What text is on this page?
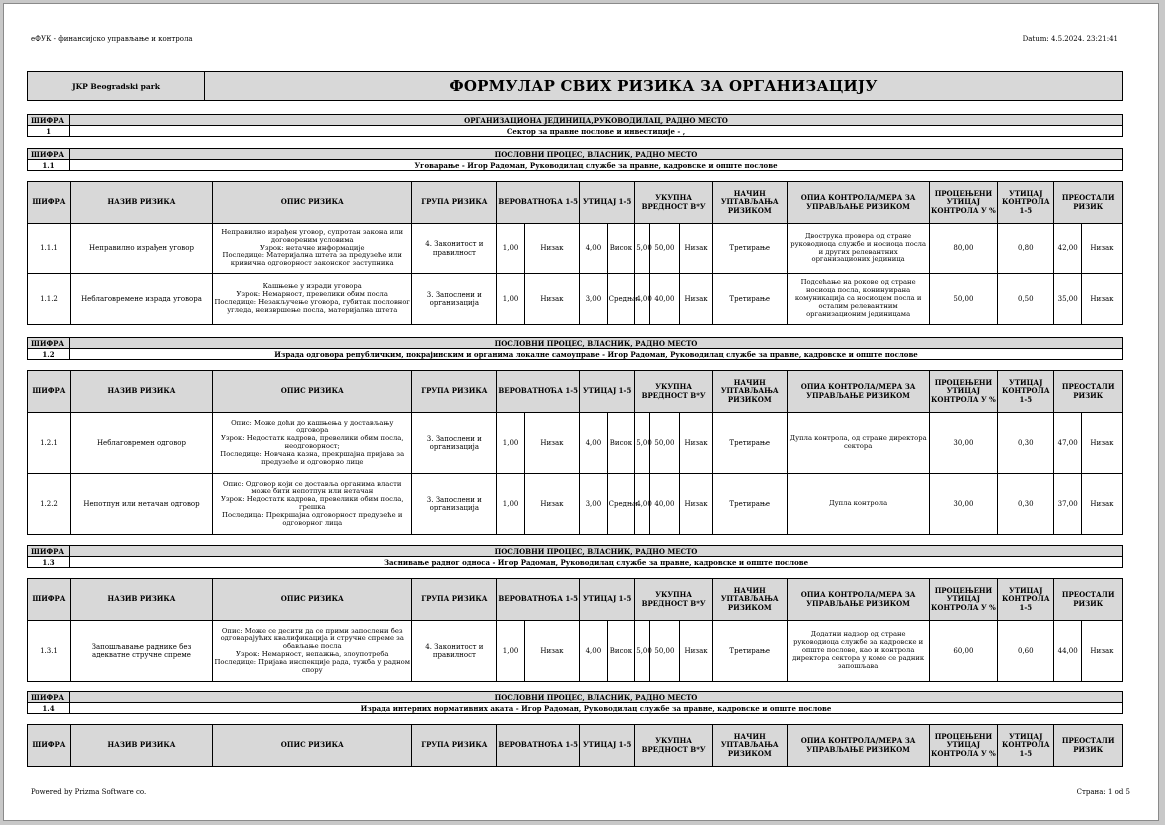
еФУК - финансијско управљање и контрола	Datum: 4.5.2024. 23:21:41
JKP Beogradski park	ФОРМУЛАР СВИХ РИЗИКА ЗА ОРГАНИЗАЦИЈУ
ШИФРА	ОРГАНИЗАЦИОНА ЈЕДИНИЦА,РУКОВОДИЛАЦ, РАДНО МЕСТО
1	Сектор за правне послове и инвестиције - ,
ШИФРА	ПОСЛОВНИ ПРОЦЕС, ВЛАСНИК, РАДНО МЕСТО
1.1	Уговарање - Игор Радоман, Руководилац службе за правне, кадровске и опште послове
ШИФРА	НАЗИВ РИЗИКА	ОПИС РИЗИКА	ГРУПА РИЗИКА	ВЕРОВАТНОЋА 1-5		УТИЦАЈ 1-5		УКУПНА ВРЕДНОСТ В*У			НАЧИН УПТАВЉАЊА РИЗИКОМ	ОПИА КОНТРОЛА/МЕРА ЗА УПРАВЉАЊЕ РИЗИКОМ	ПРОЦЕЊЕНИ УТИЦАЈ КОНТРОЛА У %	УТИЦАЈ КОНТРОЛА 1-5	ПРЕОСТАЛИ РИЗИК	
1.1.1	Неправилно израђен уговор	Неправилно израђен уговор, супротан закона или договореним условима
Узрок: нетачне информације
Последице: Материјална штета за предузеће или кривична одговорност законског заступника	4. Законитост и правилност	1,00	Низак	4,00	Висок	5,00	50,00	Низак	Третирање	Двострука провера од стране руководиоца службе и носиоца посла и других релевантних организационих јединица	80,00	0,80	42,00	Низак
1.1.2	Неблаговремене израда уговора	Кашњење у изради уговора
Узрок: Немарност, превелики обим посла
Последице: Незакључење уговора, губитак пословног угледа, неизвршење посла, материјална штета	3. Запослени и организација	1,00	Низак	3,00	Средњи	4,00	40,00	Низак	Третирање	Подсећање на рокове од стране носиоца посла, конинуирана комуникација са носиоцем посла и осталим релевантним организационим јединицама	50,00	0,50	35,00	Низак
ШИФРА	ПОСЛОВНИ ПРОЦЕС, ВЛАСНИК, РАДНО МЕСТО
1.2	Израда одговора републичким, покрајинским и органима локалне самоуправе - Игор Радоман, Руководилац службе за правне, кадровске и опште послове
ШИФРА	НАЗИВ РИЗИКА	ОПИС РИЗИКА	ГРУПА РИЗИКА	ВЕРОВАТНОЋА 1-5		УТИЦАЈ 1-5		УКУПНА ВРЕДНОСТ В*У			НАЧИН УПТАВЉАЊА РИЗИКОМ	ОПИА КОНТРОЛА/МЕРА ЗА УПРАВЉАЊЕ РИЗИКОМ	ПРОЦЕЊЕНИ УТИЦАЈ КОНТРОЛА У %	УТИЦАЈ КОНТРОЛА 1-5	ПРЕОСТАЛИ РИЗИК	
1.2.1	Неблаговремен одговор	Опис: Може доћи до кашњења у достављању одговора
Узрок: Недостатк кадрова, превелики обим посла, неодговорност;
Последице: Новчана казна, прекршајна пријава за предузеће и одговорно лице	3. Запослени и организација	1,00	Низак	4,00	Висок	5,00	50,00	Низак	Третирање	Дупла контрола, од стране директора сектора	30,00	0,30	47,00	Низак
1.2.2	Непотпун или нетачан одговор	Опис: Одговор који се доставља органима власти може бити непотпун или нетачан
Узрок: Недостатк кадрова, превелики обим посла, грешка
Последица: Прекршајна одговорност предузеће и одговорног лица	3. Запослени и организација	1,00	Низак	3,00	Средњи	4,00	40,00	Низак	Третирање	Дупла контрола	30,00	0,30	37,00	Низак
ШИФРА	ПОСЛОВНИ ПРОЦЕС, ВЛАСНИК, РАДНО МЕСТО
1.3	Заснивање радног односа - Игор Радоман, Руководилац службе за правне, кадровске и опште послове
ШИФРА	НАЗИВ РИЗИКА	ОПИС РИЗИКА	ГРУПА РИЗИКА	ВЕРОВАТНОЋА 1-5		УТИЦАЈ 1-5		УКУПНА ВРЕДНОСТ В*У			НАЧИН УПТАВЉАЊА РИЗИКОМ	ОПИА КОНТРОЛА/МЕРА ЗА УПРАВЉАЊЕ РИЗИКОМ	ПРОЦЕЊЕНИ УТИЦАЈ КОНТРОЛА У %	УТИЦАЈ КОНТРОЛА 1-5	ПРЕОСТАЛИ РИЗИК	
1.3.1	Запошљавање раднике без адекватне стручне спреме	Опис: Може се десити да се прими запослени без одговарајућих квалификација и стручне спреме за обављање посла
Узрок: Немарност, непажња, злоупотреба
Последице: Пријава инспекције рада, тужба у радном спору	4. Законитост и правилност	1,00	Низак	4,00	Висок	5,00	50,00	Низак	Третирање	Додатни надзор од стране руководиоца службе за кадровске и опште послове, као и контрола директора сектора у коме се радник запошљава	60,00	0,60	44,00	Низак
ШИФРА	ПОСЛОВНИ ПРОЦЕС, ВЛАСНИК, РАДНО МЕСТО
1.4	Израда интерних нормативних аката - Игор Радоман, Руководилац службе за правне, кадровске и опште послове
ШИФРА	НАЗИВ РИЗИКА	ОПИС РИЗИКА	ГРУПА РИЗИКА	ВЕРОВАТНОЋА 1-5	УТИЦАЈ 1-5	УКУПНА ВРЕДНОСТ В*У	НАЧИН УПТАВЉАЊА РИЗИКОМ	ОПИА КОНТРОЛА/МЕРА ЗА УПРАВЉАЊЕ РИЗИКОМ	ПРОЦЕЊЕНИ УТИЦАЈ КОНТРОЛА У %	УТИЦАЈ КОНТРОЛА 1-5	ПРЕОСТАЛИ РИЗИК
Powered by Prizma Software co.	Страна: 1 od 5
